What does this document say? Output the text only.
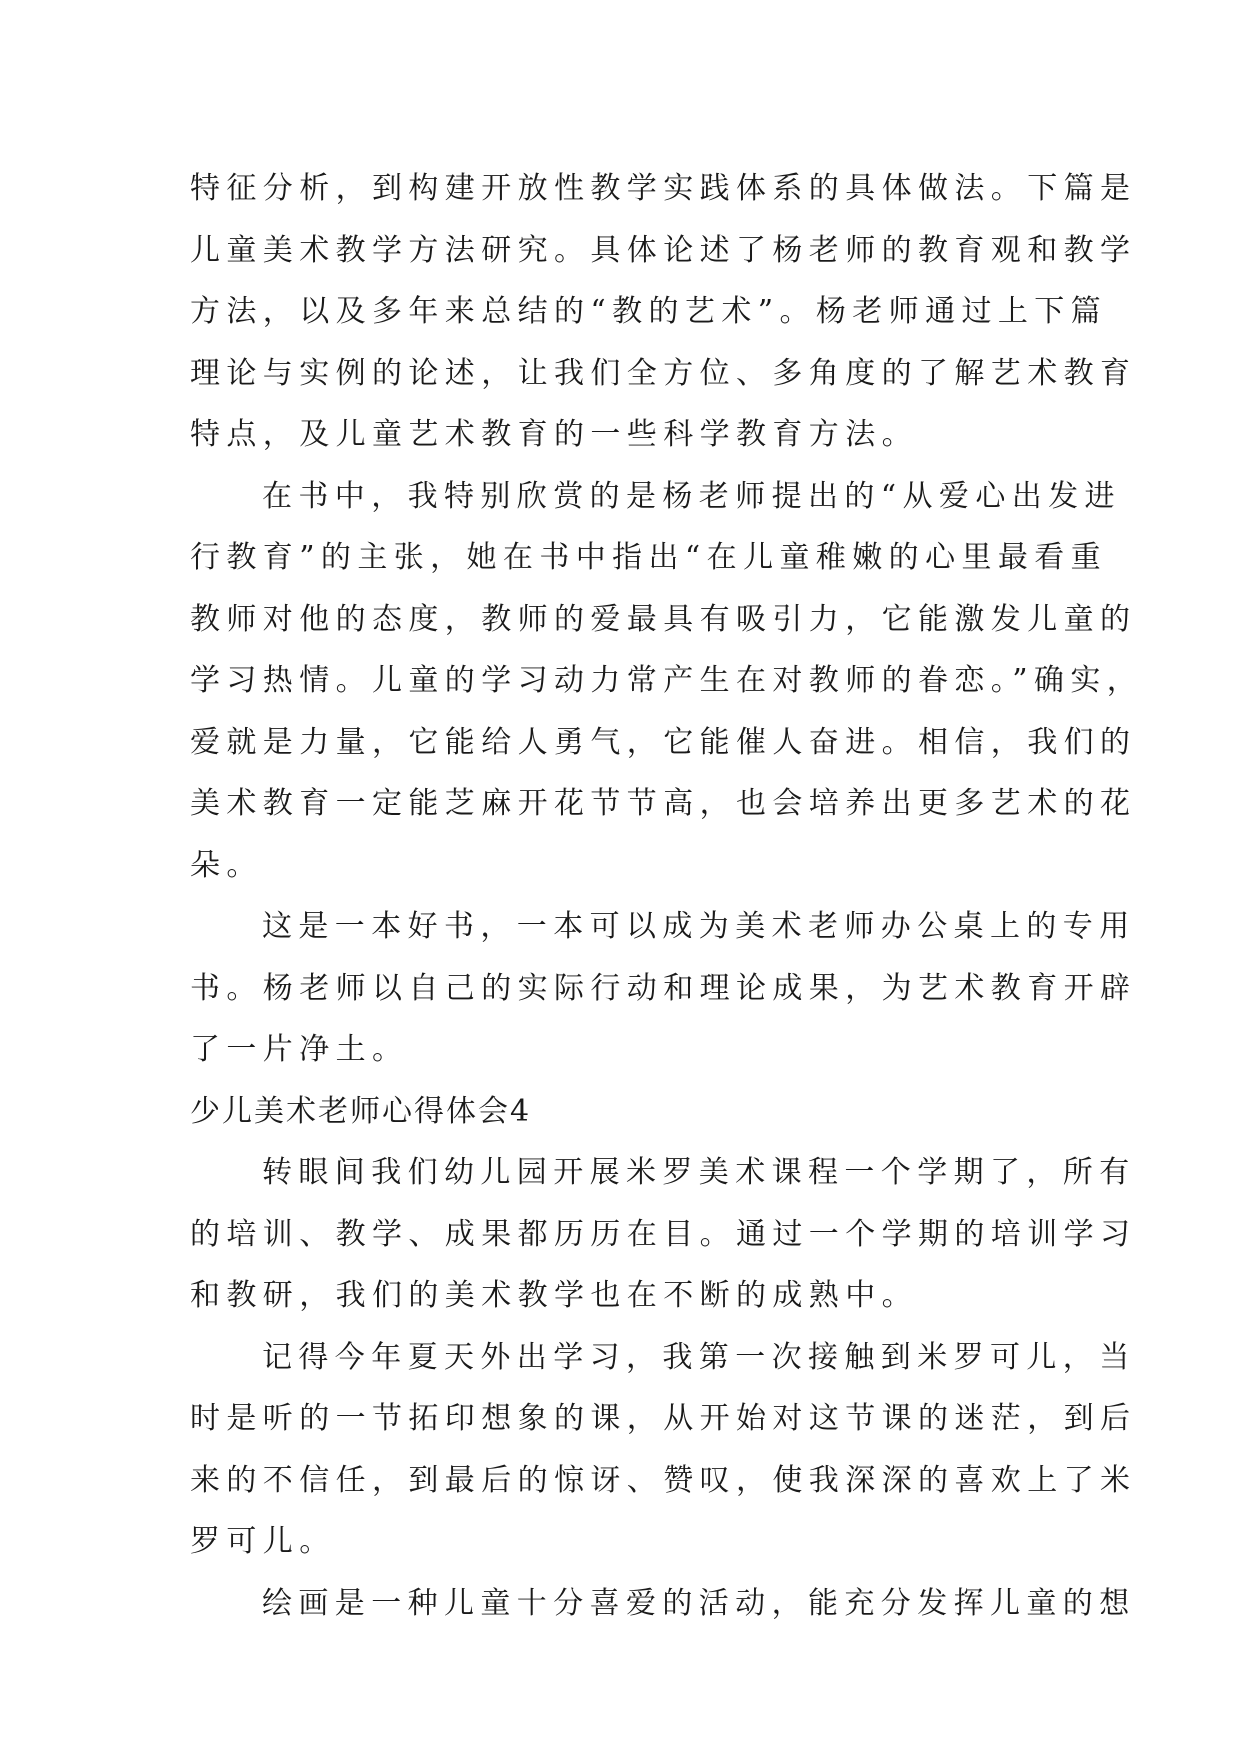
特征分析，到构建开放性教学实践体系的具体做法。下篇是
儿童美术教学方法研究。具体论述了杨老师的教育观和教学
方法，以及多年来总结的“教的艺术”。杨老师通过上下篇
理论与实例的论述，让我们全方位、多角度的了解艺术教育
特点，及儿童艺术教育的一些科学教育方法。
在书中，我特别欣赏的是杨老师提出的“从爱心出发进
行教育”的主张，她在书中指出“在儿童稚嫩的心里最看重
教师对他的态度，教师的爱最具有吸引力，它能激发儿童的
学习热情。儿童的学习动力常产生在对教师的眷恋。”确实，
爱就是力量，它能给人勇气，它能催人奋进。相信，我们的
美术教育一定能芝麻开花节节高，也会培养出更多艺术的花
朵。
这是一本好书，一本可以成为美术老师办公桌上的专用
书。杨老师以自己的实际行动和理论成果，为艺术教育开辟
了一片净土。
少儿美术老师心得体会4
转眼间我们幼儿园开展米罗美术课程一个学期了，所有
的培训、教学、成果都历历在目。通过一个学期的培训学习
和教研，我们的美术教学也在不断的成熟中。
记得今年夏天外出学习，我第一次接触到米罗可儿，当
时是听的一节拓印想象的课，从开始对这节课的迷茫，到后
来的不信任，到最后的惊讶、赞叹，使我深深的喜欢上了米
罗可儿。
绘画是一种儿童十分喜爱的活动，能充分发挥儿童的想
